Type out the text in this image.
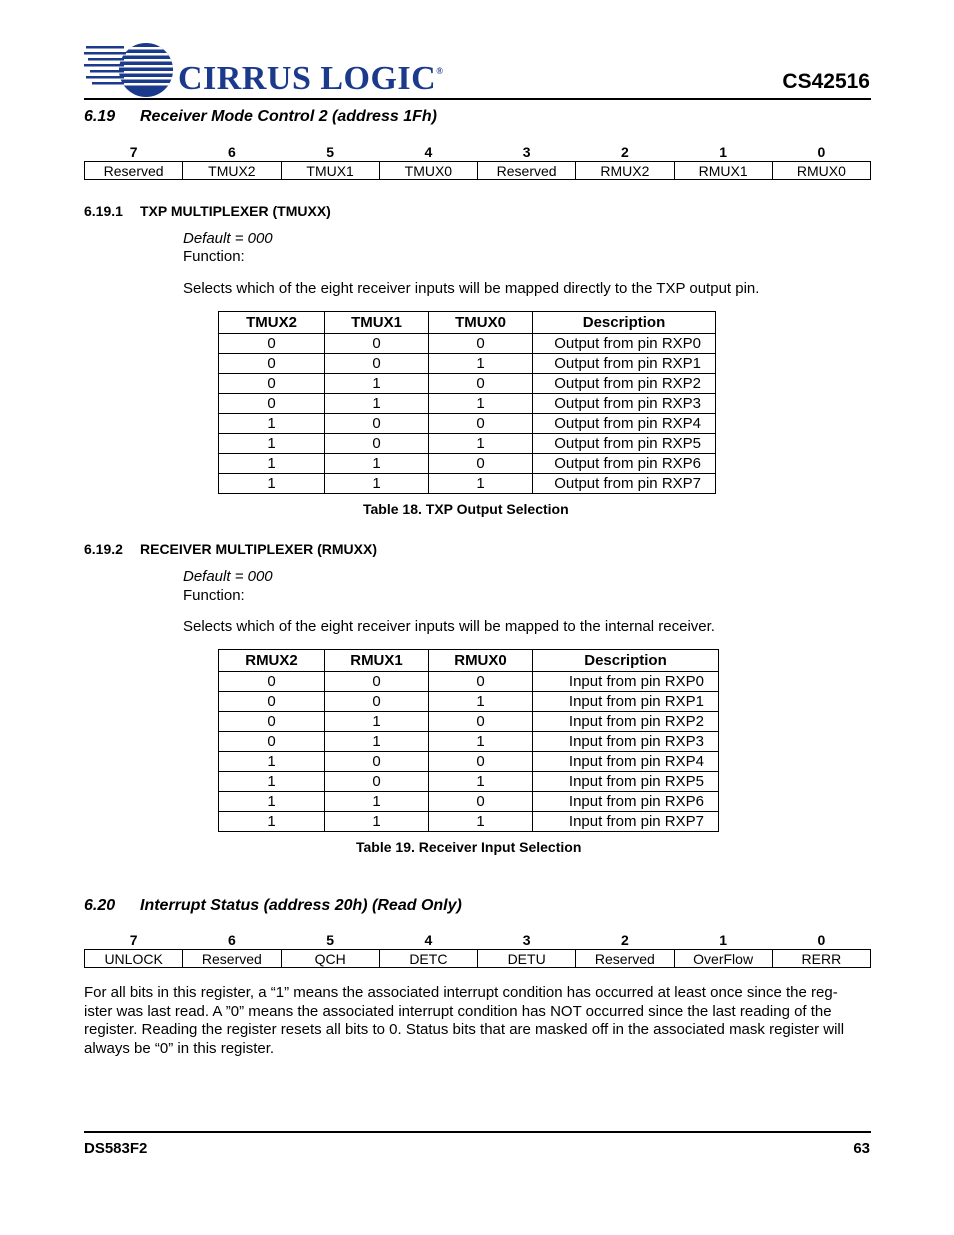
CIRRUS LOGIC®	CS42516
6.19 Receiver Mode Control 2 (address 1Fh)
7	6	5	4	3	2	1	0
Reserved	TMUX2	TMUX1	TMUX0	Reserved	RMUX2	RMUX1	RMUX0
6.19.1 TXP MULTIPLEXER (TMUXX)
Default = 000
Function:
Selects which of the eight receiver inputs will be mapped directly to the TXP output pin.
TMUX2	TMUX1	TMUX0	Description
0	0	0	Output from pin RXP0
0	0	1	Output from pin RXP1
0	1	0	Output from pin RXP2
0	1	1	Output from pin RXP3
1	0	0	Output from pin RXP4
1	0	1	Output from pin RXP5
1	1	0	Output from pin RXP6
1	1	1	Output from pin RXP7
Table 18. TXP Output Selection
6.19.2 RECEIVER MULTIPLEXER (RMUXX)
Default = 000
Function:
Selects which of the eight receiver inputs will be mapped to the internal receiver.
RMUX2	RMUX1	RMUX0	Description
0	0	0	Input from pin RXP0
0	0	1	Input from pin RXP1
0	1	0	Input from pin RXP2
0	1	1	Input from pin RXP3
1	0	0	Input from pin RXP4
1	0	1	Input from pin RXP5
1	1	0	Input from pin RXP6
1	1	1	Input from pin RXP7
Table 19. Receiver Input Selection
6.20 Interrupt Status (address 20h) (Read Only)
7	6	5	4	3	2	1	0
UNLOCK	Reserved	QCH	DETC	DETU	Reserved	OverFlow	RERR
For all bits in this register, a “1” means the associated interrupt condition has occurred at least once since the reg-
ister was last read. A ”0” means the associated interrupt condition has NOT occurred since the last reading of the
register. Reading the register resets all bits to 0. Status bits that are masked off in the associated mask register will
always be “0” in this register.
DS583F2	63
